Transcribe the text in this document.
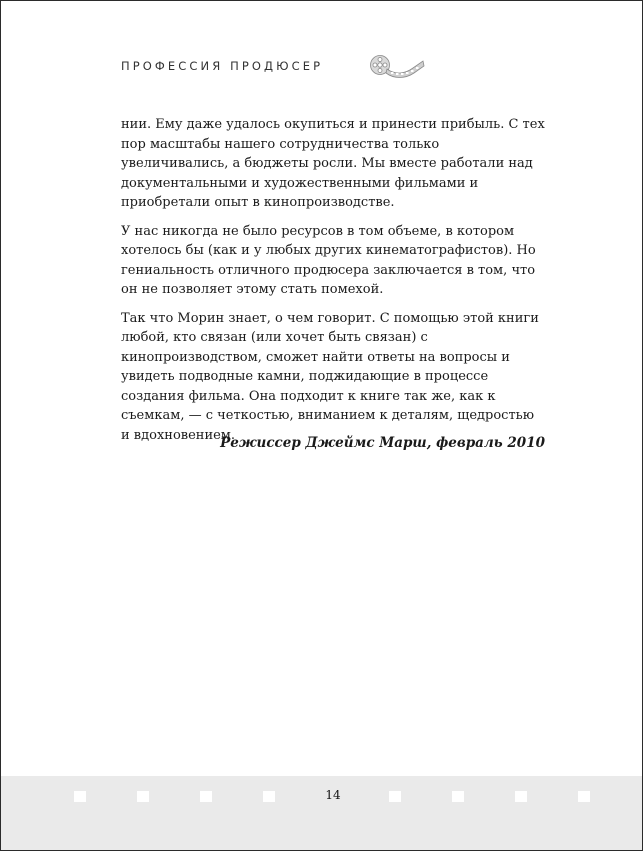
ПРОФЕССИЯ ПРОДЮСЕР

нии. Ему даже удалось окупиться и принести прибыль. С тех пор масштабы нашего сотрудничества только увеличивались, а бюджеты росли. Мы вместе работали над документальными и художественными фильмами и приобретали опыт в кинопроизводстве.

У нас никогда не было ресурсов в том объеме, в котором хотелось бы (как и у любых других кинематографистов). Но гениальность отличного продюсера заключается в том, что он не позволяет этому стать помехой.

Так что Морин знает, о чем говорит. С помощью этой книги любой, кто связан (или хочет быть связан) с кинопроизводством, сможет найти ответы на вопросы и увидеть подводные камни, поджидающие в процессе создания фильма. Она подходит к книге так же, как к съемкам, — с четкостью, вниманием к деталям, щедростью и вдохновением.

Режиссер Джеймс Марш, февраль 2010
14
